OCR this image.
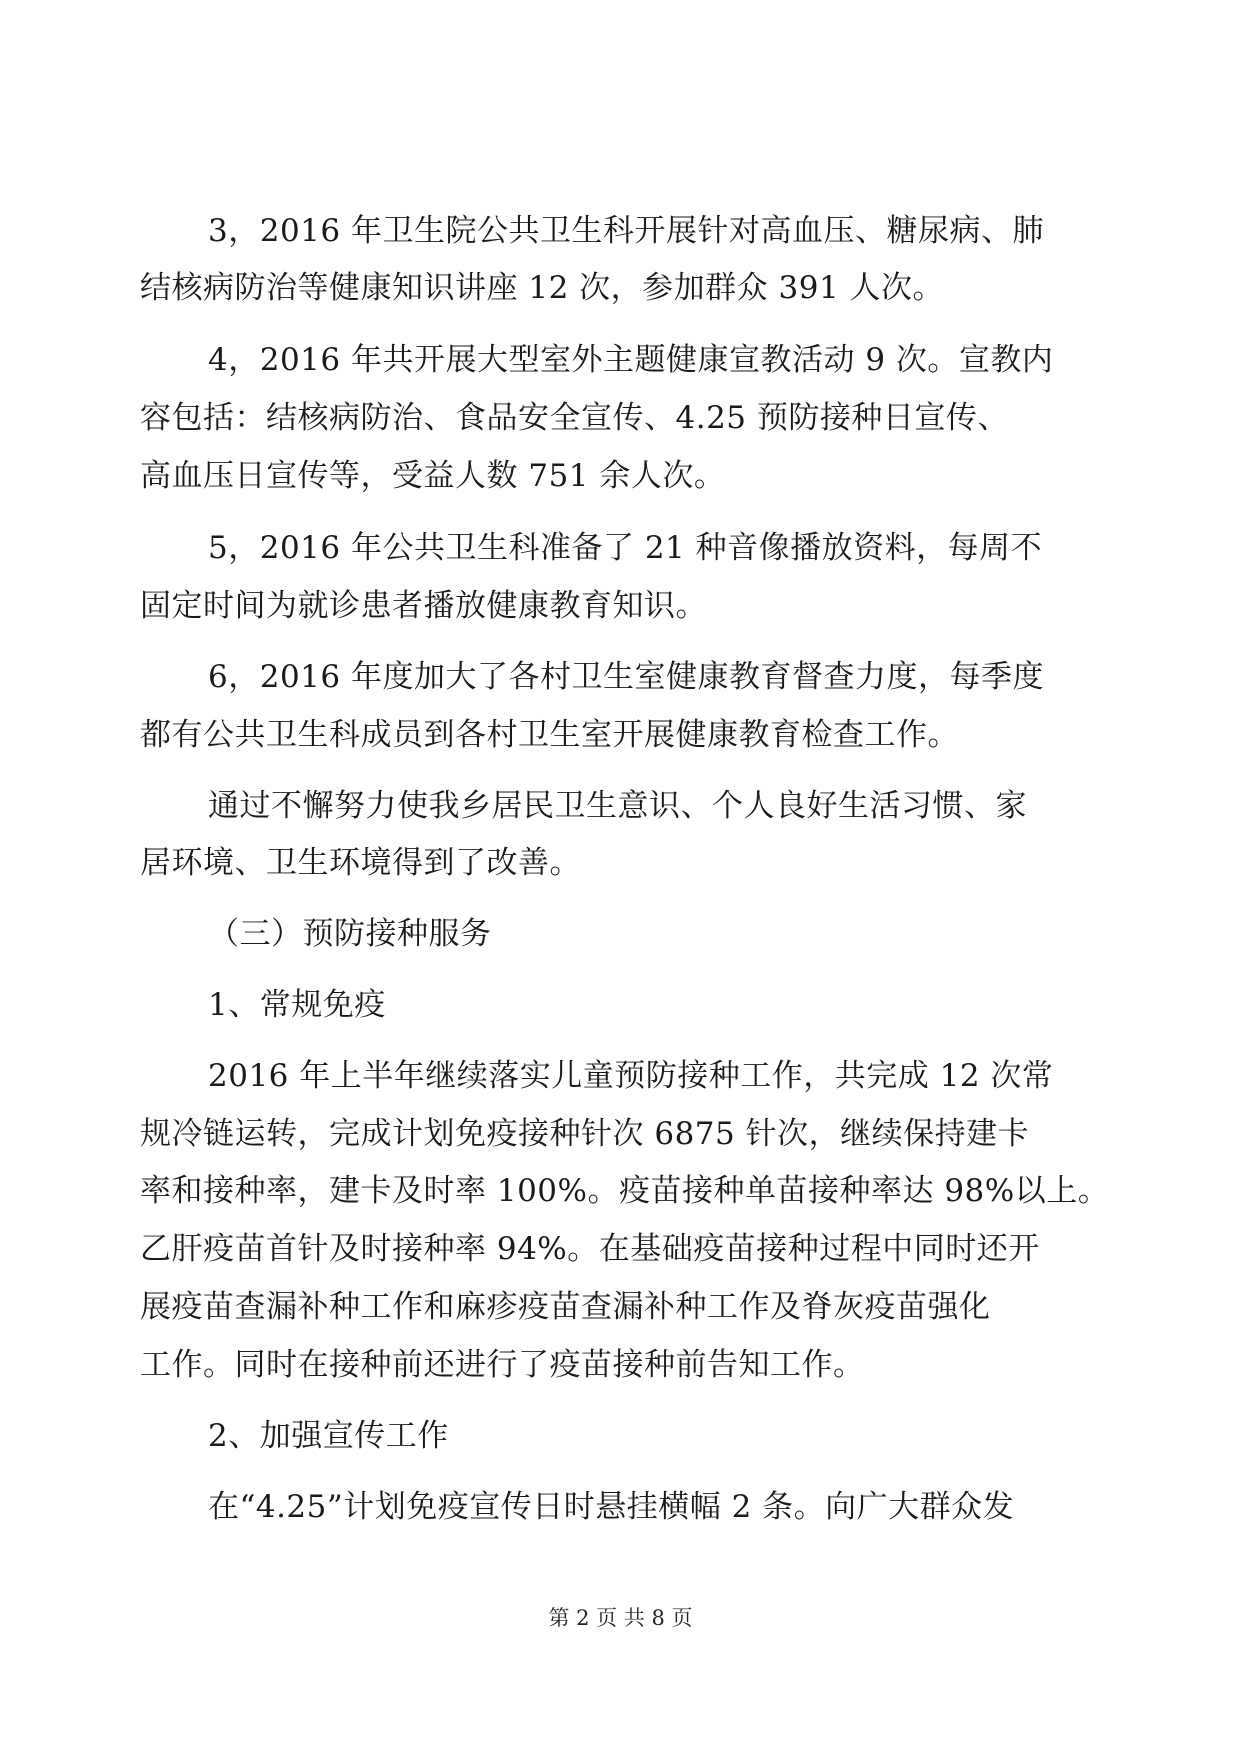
3，2016 年卫生院公共卫生科开展针对高血压、糖尿病、肺
结核病防治等健康知识讲座 12 次，参加群众 391 人次。
4，2016 年共开展大型室外主题健康宣教活动 9 次。宣教内
容包括：结核病防治、食品安全宣传、4.25 预防接种日宣传、
高血压日宣传等，受益人数 751 余人次。
5，2016 年公共卫生科准备了 21 种音像播放资料，每周不
固定时间为就诊患者播放健康教育知识。
6，2016 年度加大了各村卫生室健康教育督查力度，每季度
都有公共卫生科成员到各村卫生室开展健康教育检查工作。
通过不懈努力使我乡居民卫生意识、个人良好生活习惯、家
居环境、卫生环境得到了改善。
（三）预防接种服务
1、常规免疫
2016 年上半年继续落实儿童预防接种工作，共完成 12 次常
规冷链运转，完成计划免疫接种针次 6875 针次，继续保持建卡
率和接种率，建卡及时率 100%。疫苗接种单苗接种率达 98%以上。
乙肝疫苗首针及时接种率 94%。在基础疫苗接种过程中同时还开
展疫苗查漏补种工作和麻疹疫苗查漏补种工作及脊灰疫苗强化
工作。同时在接种前还进行了疫苗接种前告知工作。
2、加强宣传工作
在“4.25”计划免疫宣传日时悬挂横幅 2 条。向广大群众发
第 2 页 共 8 页
